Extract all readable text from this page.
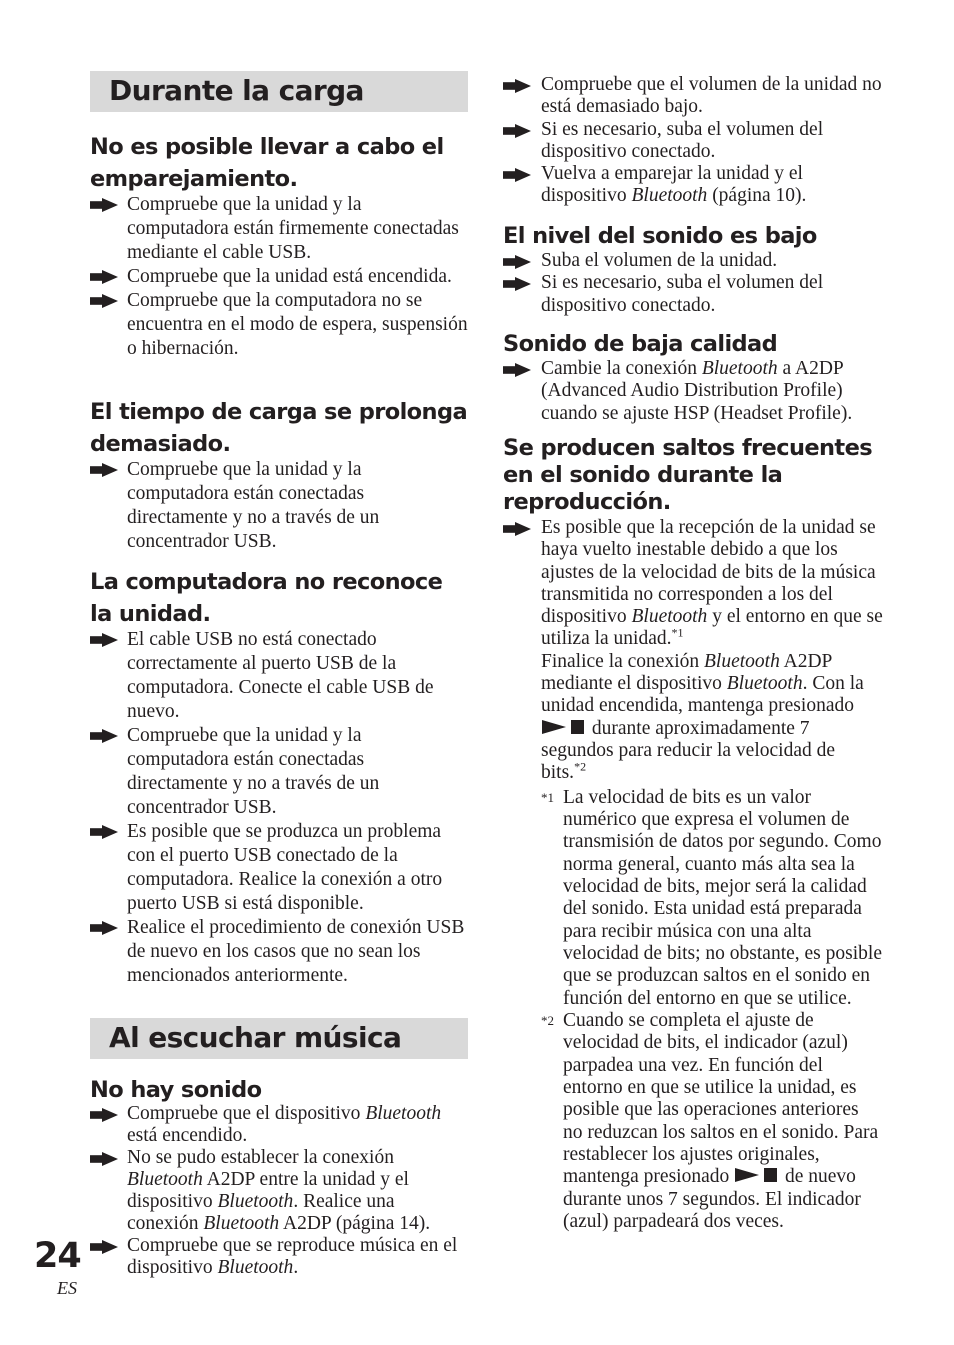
Durante la carga
No es posible llevar a cabo el emparejamiento.
Compruebe que la unidad y la computadora están firmemente conectadas mediante el cable USB.
Compruebe que la unidad está encendida.
Compruebe que la computadora no se encuentra en el modo de espera, suspensión o hibernación.
El tiempo de carga se prolonga demasiado.
Compruebe que la unidad y la computadora están conectadas directamente y no a través de un concentrador USB.
La computadora no reconoce la unidad.
El cable USB no está conectado correctamente al puerto USB de la computadora. Conecte el cable USB de nuevo.
Compruebe que la unidad y la computadora están conectadas directamente y no a través de un concentrador USB.
Es posible que se produzca un problema con el puerto USB conectado de la computadora. Realice la conexión a otro puerto USB si está disponible.
Realice el procedimiento de conexión USB de nuevo en los casos que no sean los mencionados anteriormente.
Al escuchar música
No hay sonido
Compruebe que el dispositivo Bluetooth está encendido.
No se pudo establecer la conexión Bluetooth A2DP entre la unidad y el dispositivo Bluetooth. Realice una conexión Bluetooth A2DP (página 14).
Compruebe que se reproduce música en el dispositivo Bluetooth.
Compruebe que el volumen de la unidad no está demasiado bajo.
Si es necesario, suba el volumen del dispositivo conectado.
Vuelva a emparejar la unidad y el dispositivo Bluetooth (página 10).
El nivel del sonido es bajo
Suba el volumen de la unidad.
Si es necesario, suba el volumen del dispositivo conectado.
Sonido de baja calidad
Cambie la conexión Bluetooth a A2DP (Advanced Audio Distribution Profile) cuando se ajuste HSP (Headset Profile).
Se producen saltos frecuentes en el sonido durante la reproducción.
Es posible que la recepción de la unidad se haya vuelto inestable debido a que los ajustes de la velocidad de bits de la música transmitida no corresponden a los del dispositivo Bluetooth y el entorno en que se utiliza la unidad.$^{*1}$
Finalice la conexión Bluetooth A2DP mediante el dispositivo Bluetooth. Con la unidad encendida, mantenga presionado  durante aproximadamente 7 segundos para reducir la velocidad de bits.$^{*2}$
*1 La velocidad de bits es un valor numérico que expresa el volumen de transmisión de datos por segundo. Como norma general, cuanto más alta sea la velocidad de bits, mejor será la calidad del sonido. Esta unidad está preparada para recibir música con una alta velocidad de bits; no obstante, es posible que se produzcan saltos en el sonido en función del entorno en que se utilice.
*2 Cuando se completa el ajuste de velocidad de bits, el indicador (azul) parpadea una vez. En función del entorno en que se utilice la unidad, es posible que las operaciones anteriores no reduzcan los saltos en el sonido. Para restablecer los ajustes originales, mantenga presionado  de nuevo durante unos 7 segundos. El indicador (azul) parpadeará dos veces.
24
ES
